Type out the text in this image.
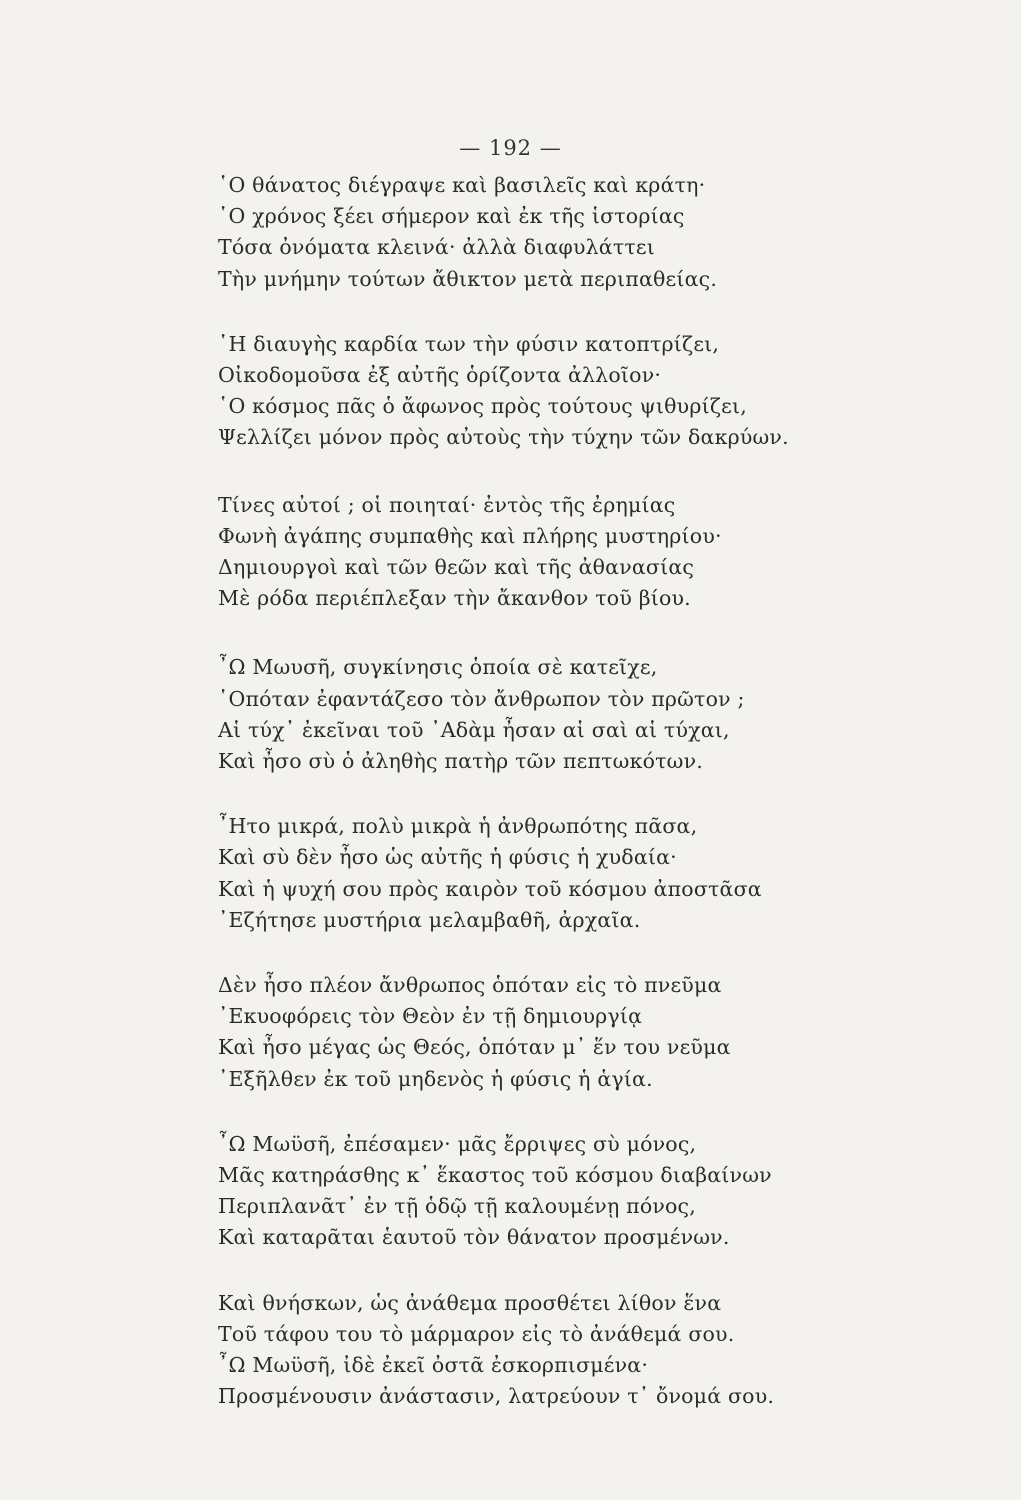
— 192 —
῾Ο θάνατος διέγραψε καὶ βασιλεῖς καὶ κράτη·
῾Ο χρόνος ξέει σήμερον καὶ ἐκ τῆς ἱστορίας
Τόσα ὀνόματα κλεινά· ἀλλὰ διαφυλάττει
Τὴν μνήμην τούτων ἄθικτον μετὰ περιπαθείας.
῾Η διαυγὴς καρδία των τὴν φύσιν κατοπτρίζει,
Οἰκοδομοῦσα ἐξ αὐτῆς ὁρίζοντα ἀλλοῖον·
῾Ο κόσμος πᾶς ὁ ἄφωνος πρὸς τούτους ψιθυρίζει,
Ψελλίζει μόνον πρὸς αὐτοὺς τὴν τύχην τῶν δακρύων.
Τίνες αὐτοί ; οἱ ποιηταί· ἐντὸς τῆς ἐρημίας
Φωνὴ ἀγάπης συμπαθὴς καὶ πλήρης μυστηρίου·
Δημιουργοὶ καὶ τῶν θεῶν καὶ τῆς ἀθανασίας
Μὲ ρόδα περιέπλεξαν τὴν ἄκανθον τοῦ βίου.
῏Ω Μωυσῆ, συγκίνησις ὁποία σὲ κατεῖχε,
῾Οπόταν ἐφαντάζεσο τὸν ἄνθρωπον τὸν πρῶτον ;
Αἱ τύχ᾽ ἐκεῖναι τοῦ ᾿Αδὰμ ἦσαν αἱ σαὶ αἱ τύχαι,
Καὶ ἦσο σὺ ὁ ἀληθὴς πατὴρ τῶν πεπτωκότων.
῏Ητο μικρά, πολὺ μικρὰ ἡ ἀνθρωπότης πᾶσα,
Καὶ σὺ δὲν ἦσο ὡς αὐτῆς ἡ φύσις ἡ χυδαία·
Καὶ ἡ ψυχή σου πρὸς καιρὸν τοῦ κόσμου ἀποστᾶσα
᾿Εζήτησε μυστήρια μελαμβαθῆ, ἀρχαῖα.
Δὲν ἦσο πλέον ἄνθρωπος ὁπόταν εἰς τὸ πνεῦμα
᾿Εκυοφόρεις τὸν Θεὸν ἐν τῇ δημιουργίᾳ
Καὶ ἦσο μέγας ὡς Θεός, ὁπόταν μ᾽ ἕν του νεῦμα
᾿Εξῆλθεν ἐκ τοῦ μηδενὸς ἡ φύσις ἡ ἁγία.
῏Ω Μωϋσῆ, ἐπέσαμεν· μᾶς ἔρριψες σὺ μόνος,
Μᾶς κατηράσθης κ᾽ ἕκαστος τοῦ κόσμου διαβαίνων
Περιπλανᾶτ᾽ ἐν τῇ ὁδῷ τῇ καλουμένῃ πόνος,
Καὶ καταρᾶται ἑαυτοῦ τὸν θάνατον προσμένων.
Καὶ θνήσκων, ὡς ἀνάθεμα προσθέτει λίθον ἕνα
Τοῦ τάφου του τὸ μάρμαρον εἰς τὸ ἀνάθεμά σου.
῏Ω Μωϋσῆ, ἰδὲ ἐκεῖ ὀστᾶ ἐσκορπισμένα·
Προσμένουσιν ἀνάστασιν, λατρεύουν τ᾽ ὄνομά σου.
